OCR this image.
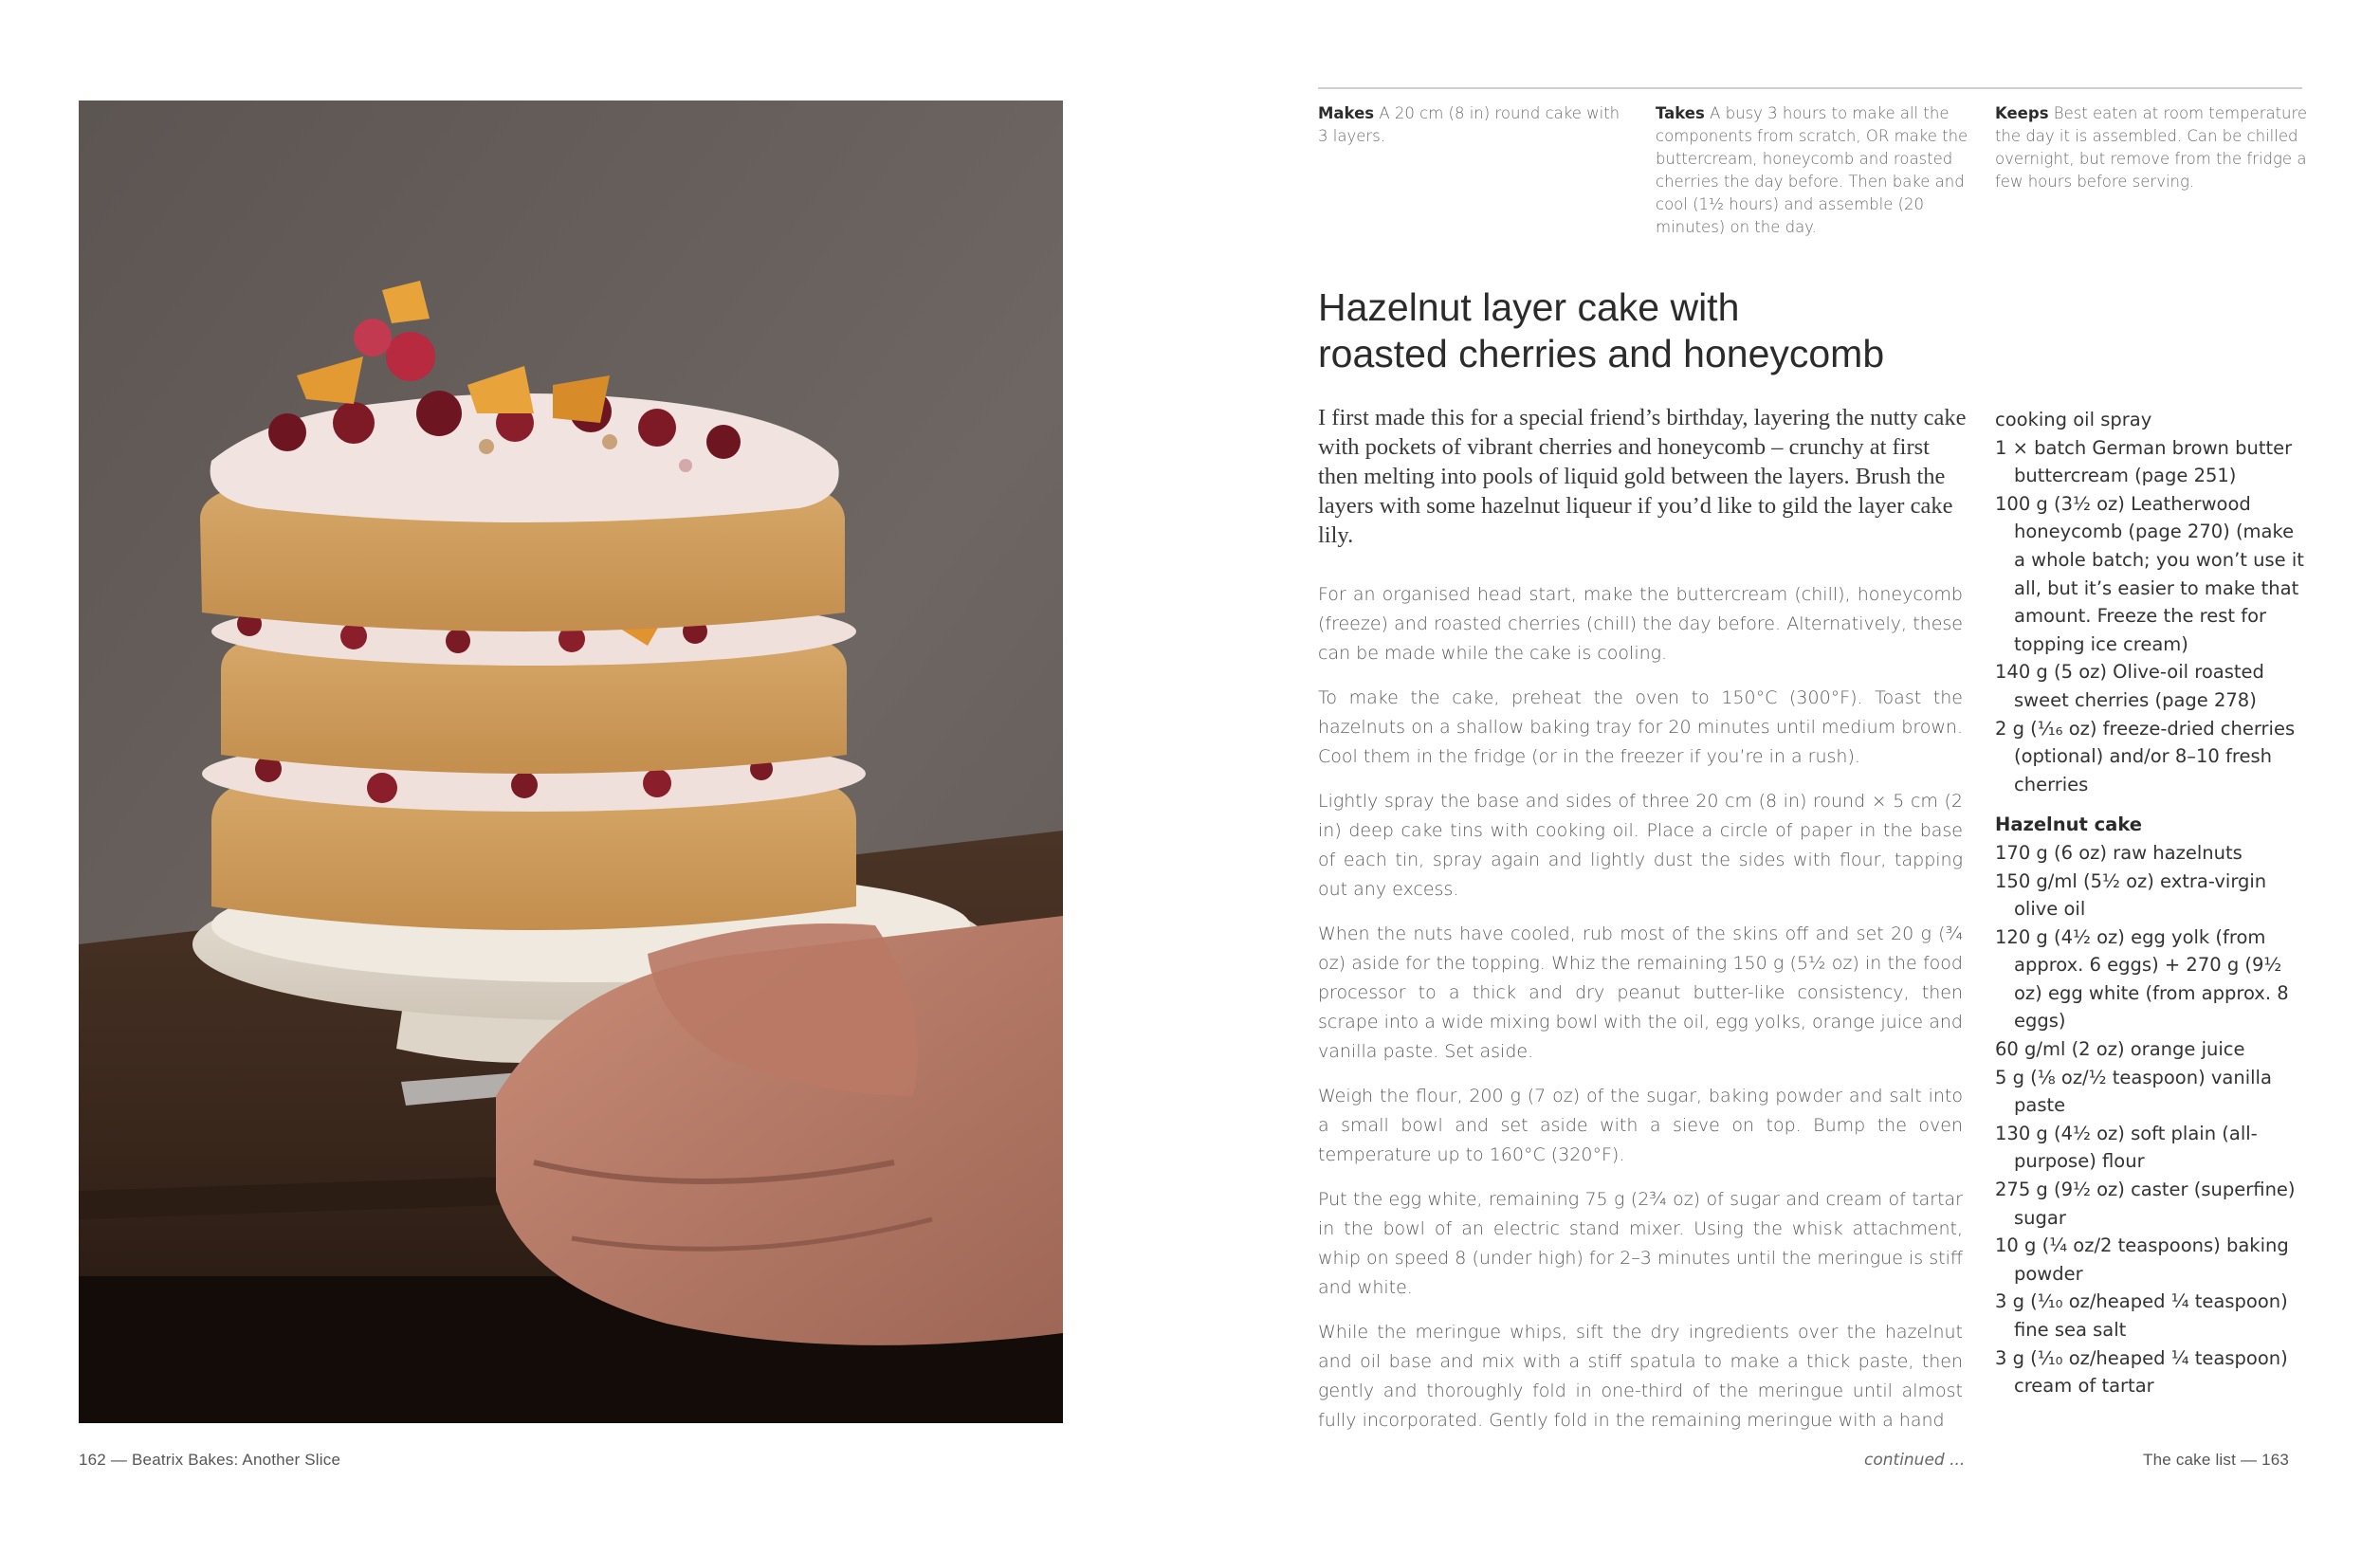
162 — Beatrix Bakes: Another Slice
Makes A 20 cm (8 in) round cake with 3 layers.
Takes A busy 3 hours to make all the components from scratch, OR make the buttercream, honeycomb and roasted cherries the day before. Then bake and cool (1½ hours) and assemble (20 minutes) on the day.
Keeps Best eaten at room temperature the day it is assembled. Can be chilled overnight, but remove from the fridge a few hours before serving.
Hazelnut layer cake with
roasted cherries and honeycomb

I first made this for a special friend’s birthday, layering the nutty cake with pockets of vibrant cherries and honeycomb – crunchy at first then melting into pools of liquid gold between the layers. Brush the layers with some hazelnut liqueur if you’d like to gild the layer cake lily.

For an organised head start, make the buttercream (chill), honeycomb (freeze) and roasted cherries (chill) the day before. Alternatively, these can be made while the cake is cooling.

To make the cake, preheat the oven to 150°C (300°F). Toast the hazelnuts on a shallow baking tray for 20 minutes until medium brown. Cool them in the fridge (or in the freezer if you’re in a rush).

Lightly spray the base and sides of three 20 cm (8 in) round × 5 cm (2 in) deep cake tins with cooking oil. Place a circle of paper in the base of each tin, spray again and lightly dust the sides with flour, tapping out any excess.

When the nuts have cooled, rub most of the skins off and set 20 g (¾ oz) aside for the topping. Whiz the remaining 150 g (5½ oz) in the food processor to a thick and dry peanut butter-like consistency, then scrape into a wide mixing bowl with the oil, egg yolks, orange juice and vanilla paste. Set aside.

Weigh the flour, 200 g (7 oz) of the sugar, baking powder and salt into a small bowl and set aside with a sieve on top. Bump the oven temperature up to 160°C (320°F).

Put the egg white, remaining 75 g (2¾ oz) of sugar and cream of tartar in the bowl of an electric stand mixer. Using the whisk attachment, whip on speed 8 (under high) for 2–3 minutes until the meringue is stiff and white.

While the meringue whips, sift the dry ingredients over the hazelnut and oil base and mix with a stiff spatula to make a thick paste, then gently and thoroughly fold in one-third of the meringue until almost fully incorporated. Gently fold in the remaining meringue with a hand

cooking oil spray
1 × batch German brown butter buttercream (page 251)
100 g (3½ oz) Leatherwood honeycomb (page 270) (make a whole batch; you won’t use it all, but it’s easier to make that amount. Freeze the rest for topping ice cream)
140 g (5 oz) Olive-oil roasted sweet cherries (page 278)
2 g (¹⁄₁₆ oz) freeze-dried cherries (optional) and/or 8–10 fresh cherries
Hazelnut cake
170 g (6 oz) raw hazelnuts
150 g/ml (5½ oz) extra-virgin olive oil
120 g (4½ oz) egg yolk (from approx. 6 eggs) + 270 g (9½ oz) egg white (from approx. 8 eggs)
60 g/ml (2 oz) orange juice
5 g (⅛ oz/½ teaspoon) vanilla paste
130 g (4½ oz) soft plain (all-purpose) flour
275 g (9½ oz) caster (superfine) sugar
10 g (¼ oz/2 teaspoons) baking powder
3 g (¹⁄₁₀ oz/heaped ¼ teaspoon) fine sea salt
3 g (¹⁄₁₀ oz/heaped ¼ teaspoon) cream of tartar
continued ...	The cake list — 163
